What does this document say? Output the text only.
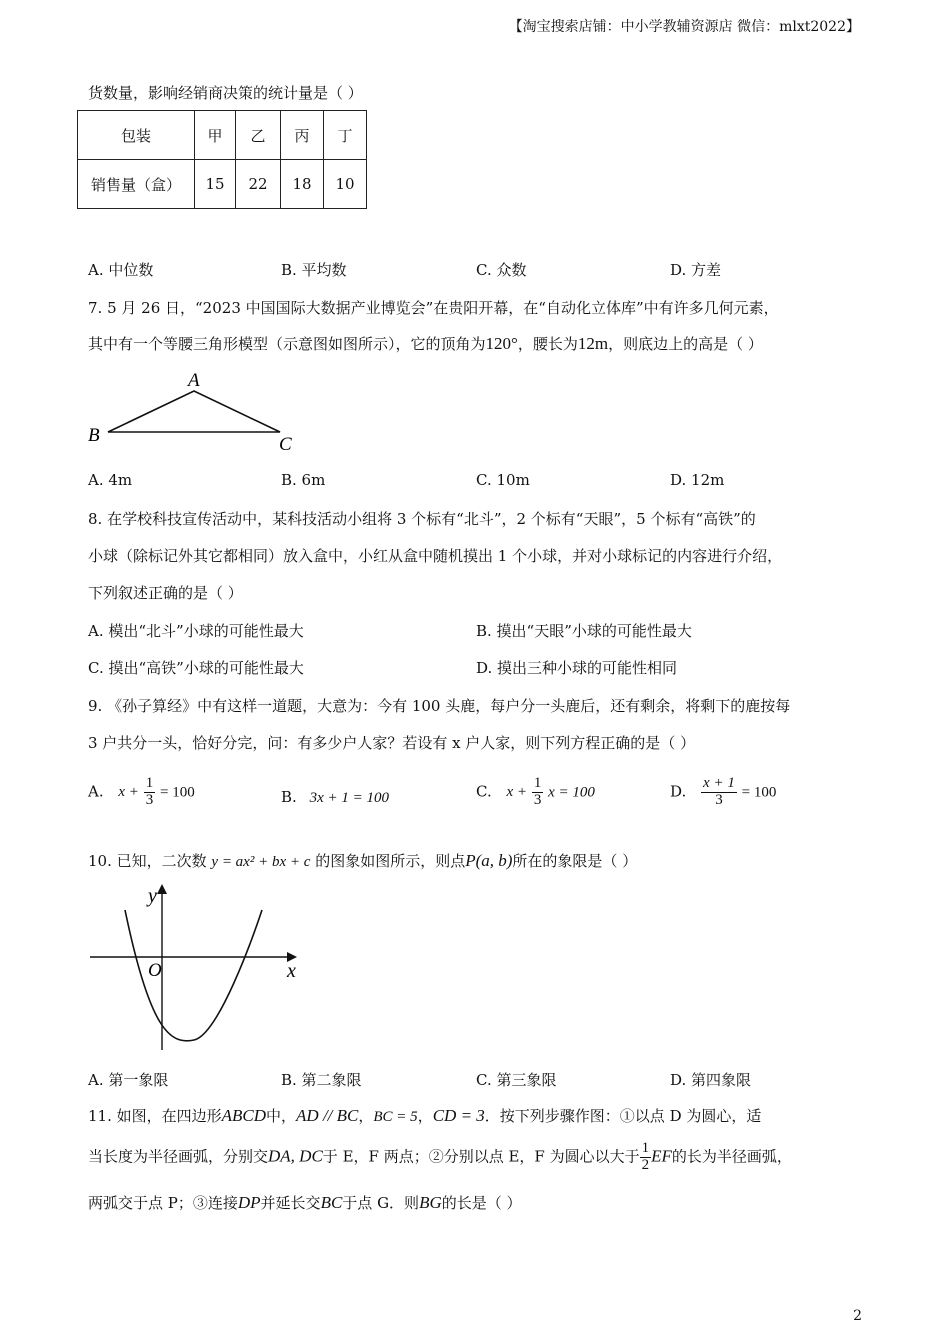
【淘宝搜索店铺：中小学教辅资源店 微信：mlxt2022】
货数量，影响经销商决策的统计量是（ ）
包装	甲	乙	丙	丁
销售量（盒）	15	22	18	10
A. 中位数	B. 平均数	C. 众数	D. 方差
7. 5 月 26 日，“2023 中国国际大数据产业博览会”在贵阳开幕，在“自动化立体库”中有许多几何元素，
其中有一个等腰三角形模型（示意图如图所示），它的顶角为120°，腰长为12m，则底边上的高是（ ）
A
B	C
A. 4m	B. 6m	C. 10m	D. 12m
8. 在学校科技宣传活动中，某科技活动小组将 3 个标有“北斗”，2 个标有“天眼”，5 个标有“高铁”的
小球（除标记外其它都相同）放入盒中，小红从盒中随机摸出 1 个小球，并对小球标记的内容进行介绍，
下列叙述正确的是（ ）
A. 模出“北斗”小球的可能性最大	B. 摸出“天眼”小球的可能性最大
C. 摸出“高铁”小球的可能性最大	D. 摸出三种小球的可能性相同
9. 《孙子算经》中有这样一道题，大意为：今有 100 头鹿，每户分一头鹿后，还有剩余，将剩下的鹿按每
3 户共分一头，恰好分完，问：有多少户人家？若设有 x 户人家，则下列方程正确的是（ ）
A. $x + \frac{1}{3} = 100$	B. 3x + 1 = 100	C. $x + \frac{1}{3}$ x = 100	D. $\frac{x + 1}{3} = 100$
10. 已知，二次数 y = ax² + bx + c 的图象如图所示，则点P(a, b)所在的象限是（ ）
y
O	x
A. 第一象限	B. 第二象限	C. 第三象限	D. 第四象限
11. 如图，在四边形ABCD中，AD // BC，BC = 5，CD = 3．按下列步骤作图：①以点 D 为圆心，适
当长度为半径画弧，分别交DA, DC于 E，F 两点；②分别以点 E，F 为圆心以大于 $\frac{1}{2}$ EF的长为半径画弧，
两弧交于点 P；③连接DP并延长交BC于点 G．则BG的长是（ ）
2
